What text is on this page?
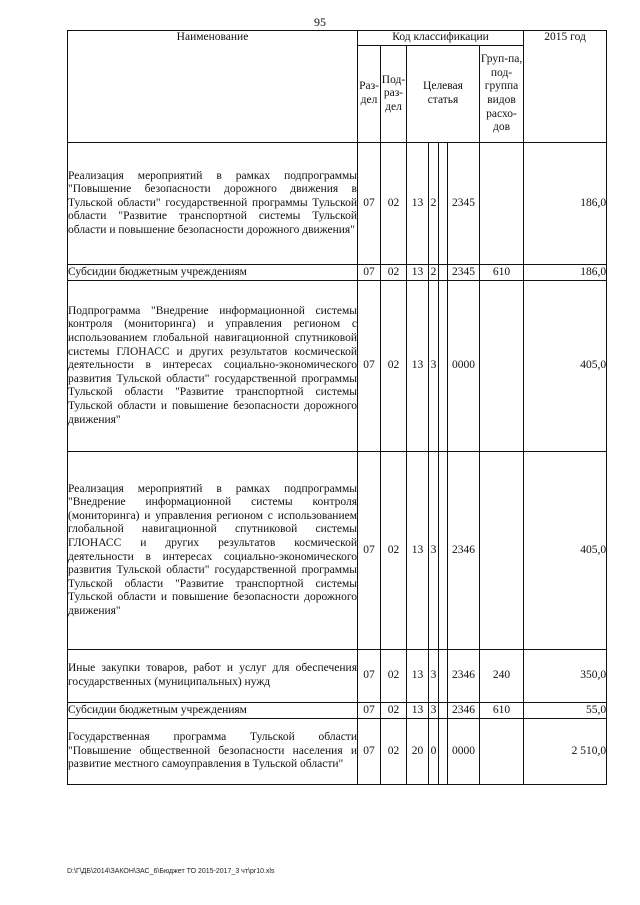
95
Наименование	Код классификации							2015 год
	Раз-дел	Под-раз-дел	Целевая статья				Груп-па, под-группа видов расхо-дов	
Реализация мероприятий в рамках подпрограммы "Повышение безопасности дорожного движения в Тульской области" государственной программы Тульской области "Развитие транспортной системы Тульской области и повышение безопасности дорожного движения"	07	02	13	2		2345		186,0
Субсидии бюджетным учреждениям	07	02	13	2		2345	610	186,0
Подпрограмма "Внедрение информационной системы контроля (мониторинга) и управления регионом с использованием глобальной навигационной спутниковой системы ГЛОНАСС и других результатов космической деятельности в интересах социально-экономического развития Тульской области" государственной программы Тульской области "Развитие транспортной системы Тульской области и повышение безопасности дорожного движения"	07	02	13	3		0000		405,0
Реализация мероприятий в рамках подпрограммы "Внедрение информационной системы контроля (мониторинга) и управления регионом с использованием глобальной навигационной спутниковой системы ГЛОНАСС и других результатов космической деятельности в интересах социально-экономического развития Тульской области" государственной программы Тульской области "Развитие транспортной системы Тульской области и повышение безопасности дорожного движения"	07	02	13	3		2346		405,0
Иные закупки товаров, работ и услуг для обеспечения государственных (муниципальных) нужд	07	02	13	3		2346	240	350,0
Субсидии бюджетным учреждениям	07	02	13	3		2346	610	55,0
Государственная программа Тульской области "Повышение общественной безопасности населения и развитие местного самоуправления в Тульской области"	07	02	20	0		0000		2 510,0
D:\Г\ДБ\2014\ЗАКОН\ЗАС_6\Бюджет ТО 2015-2017_3 чт\pr10.xls
